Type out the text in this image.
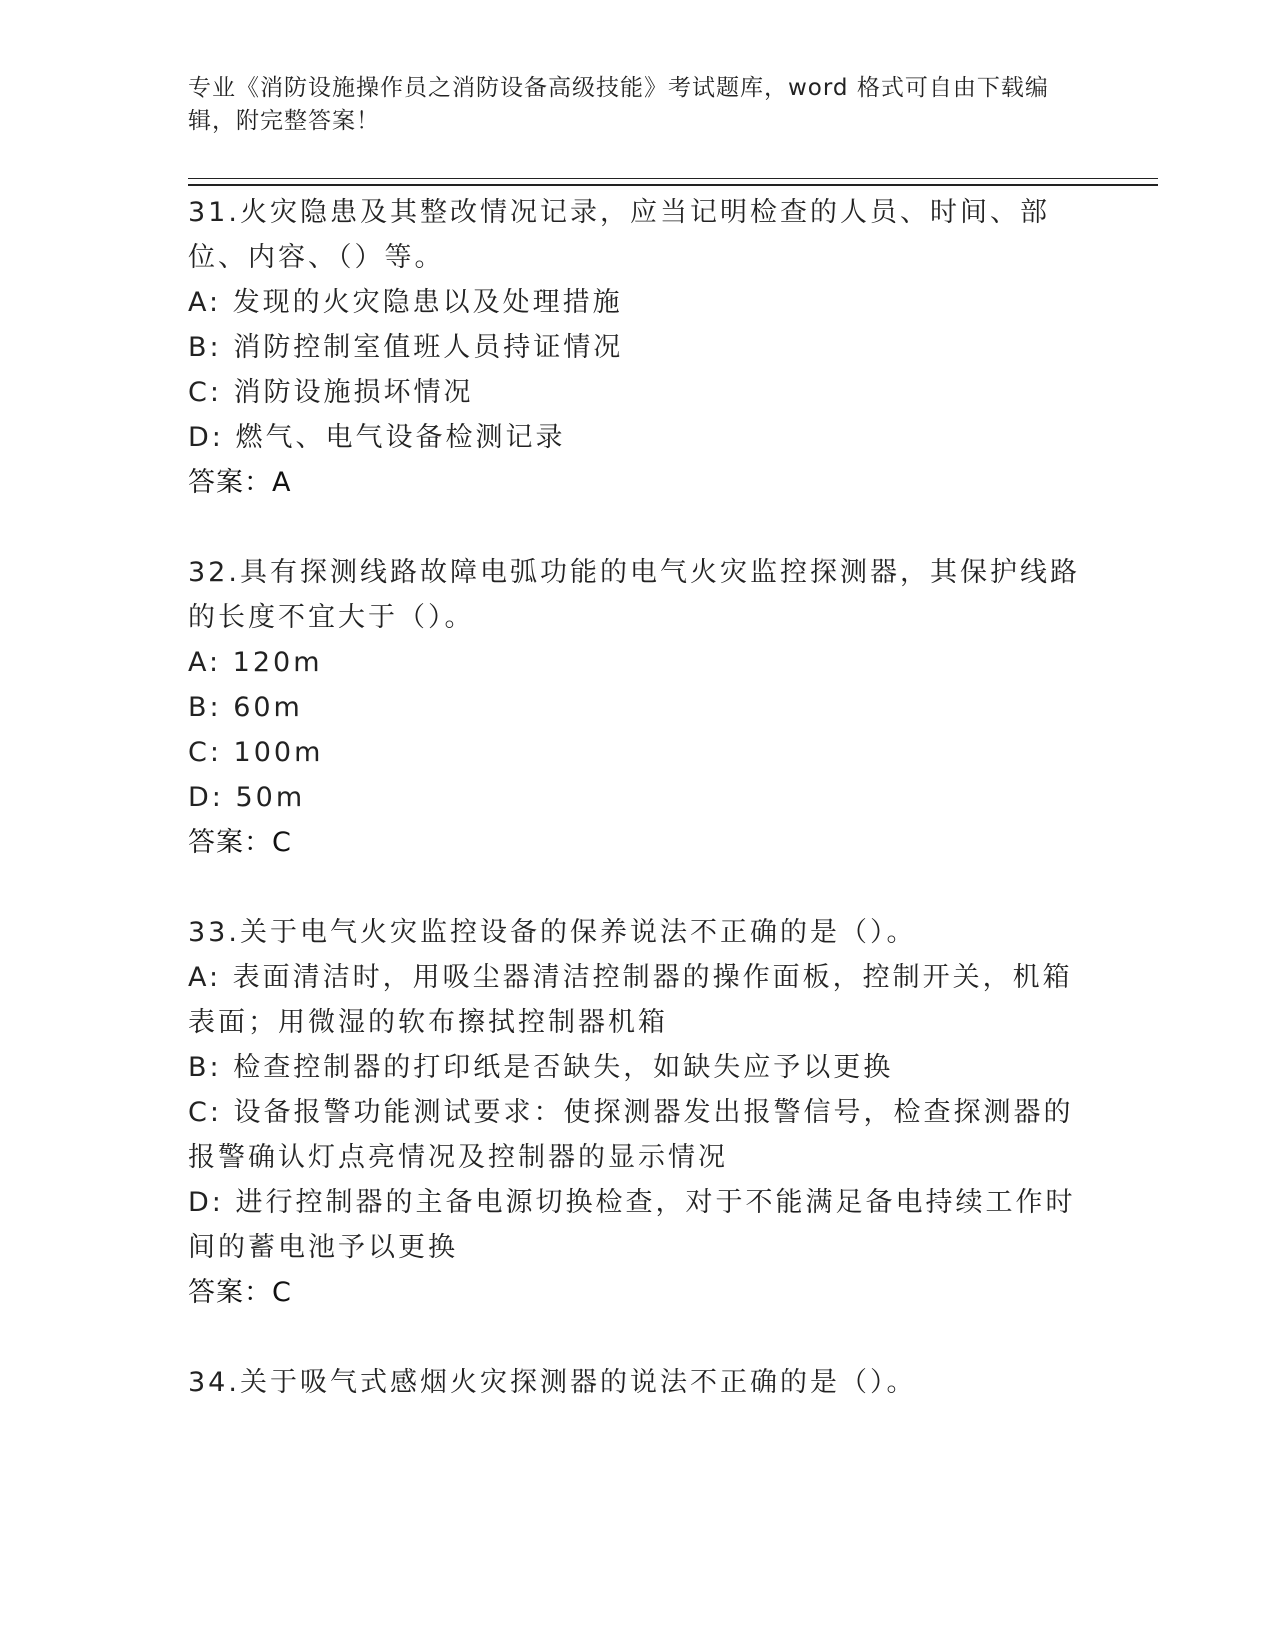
专业《消防设施操作员之消防设备高级技能》考试题库，word 格式可自由下载编辑，附完整答案！
31.火灾隐患及其整改情况记录，应当记明检查的人员、时间、部位、内容、（）等。
A: 发现的火灾隐患以及处理措施
B: 消防控制室值班人员持证情况
C: 消防设施损坏情况
D: 燃气、电气设备检测记录
答案：A
32.具有探测线路故障电弧功能的电气火灾监控探测器，其保护线路的长度不宜大于（）。
A: 120m
B: 60m
C: 100m
D: 50m
答案：C
33.关于电气火灾监控设备的保养说法不正确的是（）。
A: 表面清洁时，用吸尘器清洁控制器的操作面板，控制开关，机箱表面；用微湿的软布擦拭控制器机箱
B: 检查控制器的打印纸是否缺失，如缺失应予以更换
C: 设备报警功能测试要求：使探测器发出报警信号，检查探测器的报警确认灯点亮情况及控制器的显示情况
D: 进行控制器的主备电源切换检查，对于不能满足备电持续工作时间的蓄电池予以更换
答案：C
34.关于吸气式感烟火灾探测器的说法不正确的是（）。
